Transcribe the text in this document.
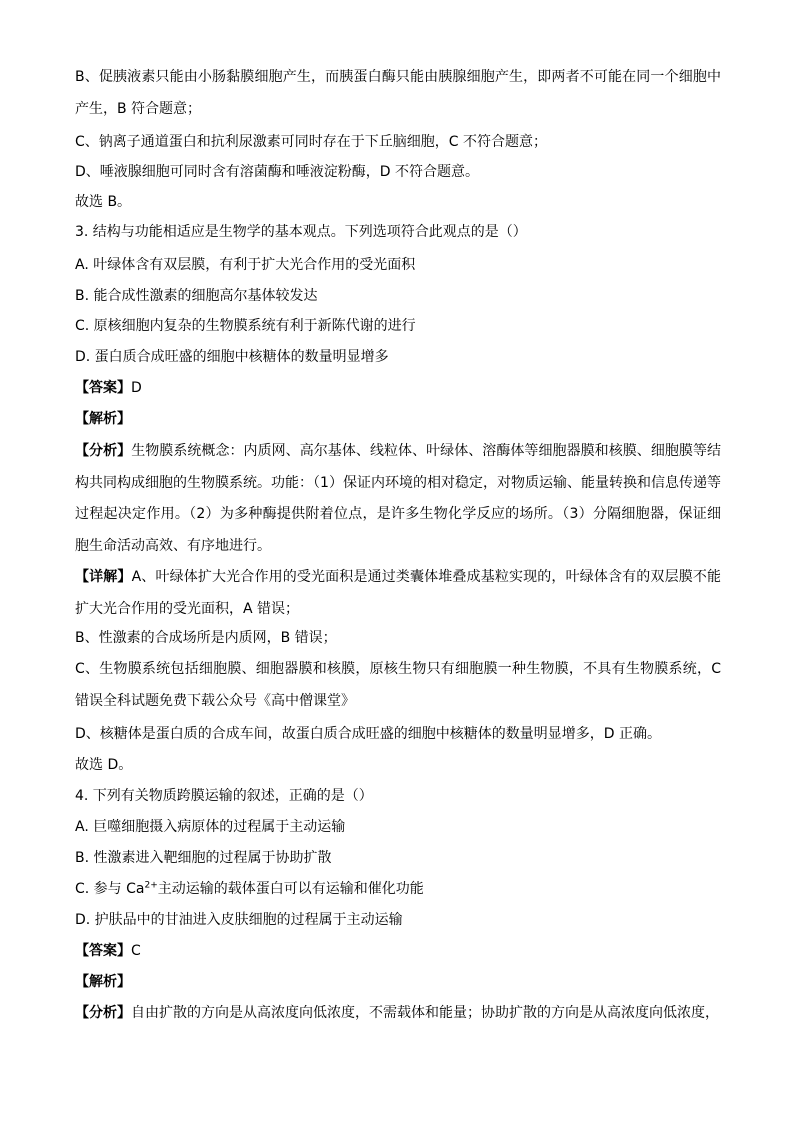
B、促胰液素只能由小肠黏膜细胞产生，而胰蛋白酶只能由胰腺细胞产生，即两者不可能在同一个细胞中产生，B 符合题意；
C、钠离子通道蛋白和抗利尿激素可同时存在于下丘脑细胞，C 不符合题意；
D、唾液腺细胞可同时含有溶菌酶和唾液淀粉酶，D 不符合题意。
故选 B。
3. 结构与功能相适应是生物学的基本观点。下列选项符合此观点的是（）
A. 叶绿体含有双层膜，有利于扩大光合作用的受光面积
B. 能合成性激素的细胞高尔基体较发达
C. 原核细胞内复杂的生物膜系统有利于新陈代谢的进行
D. 蛋白质合成旺盛的细胞中核糖体的数量明显增多
【答案】D
【解析】
【分析】生物膜系统概念：内质网、高尔基体、线粒体、叶绿体、溶酶体等细胞器膜和核膜、细胞膜等结构共同构成细胞的生物膜系统。功能：（1）保证内环境的相对稳定，对物质运输、能量转换和信息传递等过程起决定作用。（2）为多种酶提供附着位点，是许多生物化学反应的场所。（3）分隔细胞器，保证细胞生命活动高效、有序地进行。
【详解】A、叶绿体扩大光合作用的受光面积是通过类囊体堆叠成基粒实现的，叶绿体含有的双层膜不能扩大光合作用的受光面积，A 错误；
B、性激素的合成场所是内质网，B 错误；
C、生物膜系统包括细胞膜、细胞器膜和核膜，原核生物只有细胞膜一种生物膜，不具有生物膜系统，C 错误全科试题免费下载公众号《高中僧课堂》
D、核糖体是蛋白质的合成车间，故蛋白质合成旺盛的细胞中核糖体的数量明显增多，D 正确。
故选 D。
4. 下列有关物质跨膜运输的叙述，正确的是（）
A. 巨噬细胞摄入病原体的过程属于主动运输
B. 性激素进入靶细胞的过程属于协助扩散
C. 参与 $Ca^{2+}$主动运输的载体蛋白可以有运输和催化功能
D. 护肤品中的甘油进入皮肤细胞的过程属于主动运输
【答案】C
【解析】
【分析】自由扩散的方向是从高浓度向低浓度，不需载体和能量；协助扩散的方向是从高浓度向低浓度，
